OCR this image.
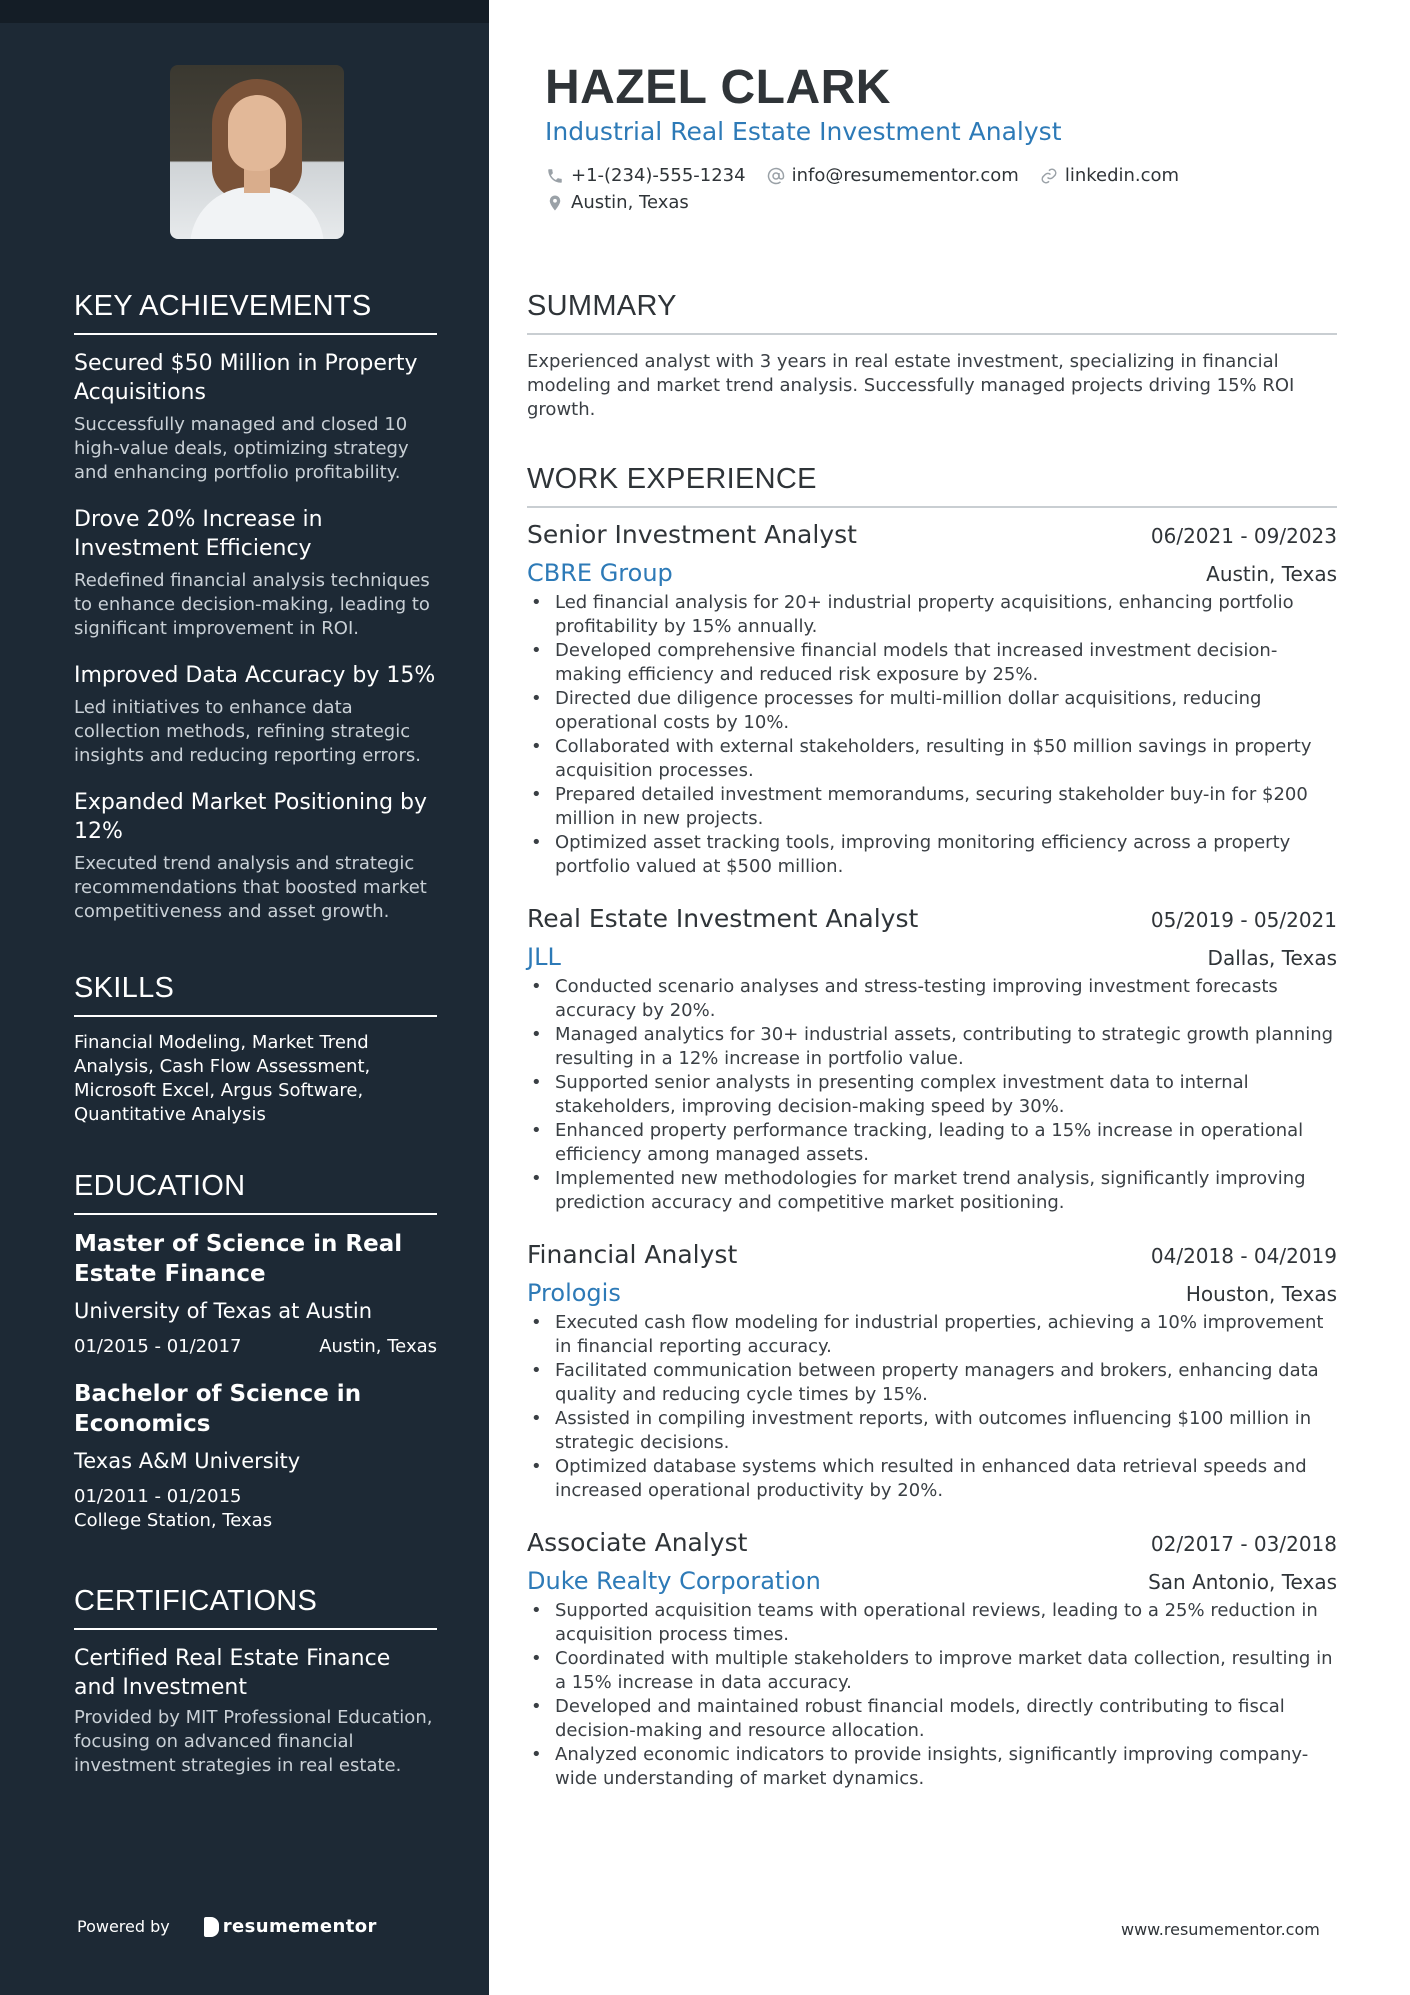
KEY ACHIEVEMENTS
Secured $50 Million in Property Acquisitions
Successfully managed and closed 10 high-value deals, optimizing strategy and enhancing portfolio profitability.
Drove 20% Increase in Investment Efficiency
Redefined financial analysis techniques to enhance decision-making, leading to significant improvement in ROI.
Improved Data Accuracy by 15%
Led initiatives to enhance data collection methods, refining strategic insights and reducing reporting errors.
Expanded Market Positioning by 12%
Executed trend analysis and strategic recommendations that boosted market competitiveness and asset growth.
SKILLS
Financial Modeling, Market Trend Analysis, Cash Flow Assessment, Microsoft Excel, Argus Software, Quantitative Analysis
EDUCATION
Master of Science in Real Estate Finance
University of Texas at Austin
01/2015 - 01/2017	Austin, Texas
Bachelor of Science in Economics
Texas A&M University
01/2011 - 01/2015
College Station, Texas
CERTIFICATIONS
Certified Real Estate Finance and Investment
Provided by MIT Professional Education, focusing on advanced financial investment strategies in real estate.
Powered by	resumementor
HAZEL CLARK
Industrial Real Estate Investment Analyst
+1-(234)-555-1234	info@resumementor.com	linkedin.com
Austin, Texas
SUMMARY
Experienced analyst with 3 years in real estate investment, specializing in financial modeling and market trend analysis. Successfully managed projects driving 15% ROI growth.
WORK EXPERIENCE
Senior Investment Analyst	06/2021 - 09/2023
CBRE Group	Austin, Texas
• Led financial analysis for 20+ industrial property acquisitions, enhancing portfolio profitability by 15% annually.
• Developed comprehensive financial models that increased investment decision-making efficiency and reduced risk exposure by 25%.
• Directed due diligence processes for multi-million dollar acquisitions, reducing operational costs by 10%.
• Collaborated with external stakeholders, resulting in $50 million savings in property acquisition processes.
• Prepared detailed investment memorandums, securing stakeholder buy-in for $200 million in new projects.
• Optimized asset tracking tools, improving monitoring efficiency across a property portfolio valued at $500 million.
Real Estate Investment Analyst	05/2019 - 05/2021
JLL	Dallas, Texas
• Conducted scenario analyses and stress-testing improving investment forecasts accuracy by 20%.
• Managed analytics for 30+ industrial assets, contributing to strategic growth planning resulting in a 12% increase in portfolio value.
• Supported senior analysts in presenting complex investment data to internal stakeholders, improving decision-making speed by 30%.
• Enhanced property performance tracking, leading to a 15% increase in operational efficiency among managed assets.
• Implemented new methodologies for market trend analysis, significantly improving prediction accuracy and competitive market positioning.
Financial Analyst	04/2018 - 04/2019
Prologis	Houston, Texas
• Executed cash flow modeling for industrial properties, achieving a 10% improvement in financial reporting accuracy.
• Facilitated communication between property managers and brokers, enhancing data quality and reducing cycle times by 15%.
• Assisted in compiling investment reports, with outcomes influencing $100 million in strategic decisions.
• Optimized database systems which resulted in enhanced data retrieval speeds and increased operational productivity by 20%.
Associate Analyst	02/2017 - 03/2018
Duke Realty Corporation	San Antonio, Texas
• Supported acquisition teams with operational reviews, leading to a 25% reduction in acquisition process times.
• Coordinated with multiple stakeholders to improve market data collection, resulting in a 15% increase in data accuracy.
• Developed and maintained robust financial models, directly contributing to fiscal decision-making and resource allocation.
• Analyzed economic indicators to provide insights, significantly improving company-wide understanding of market dynamics.
www.resumementor.com
